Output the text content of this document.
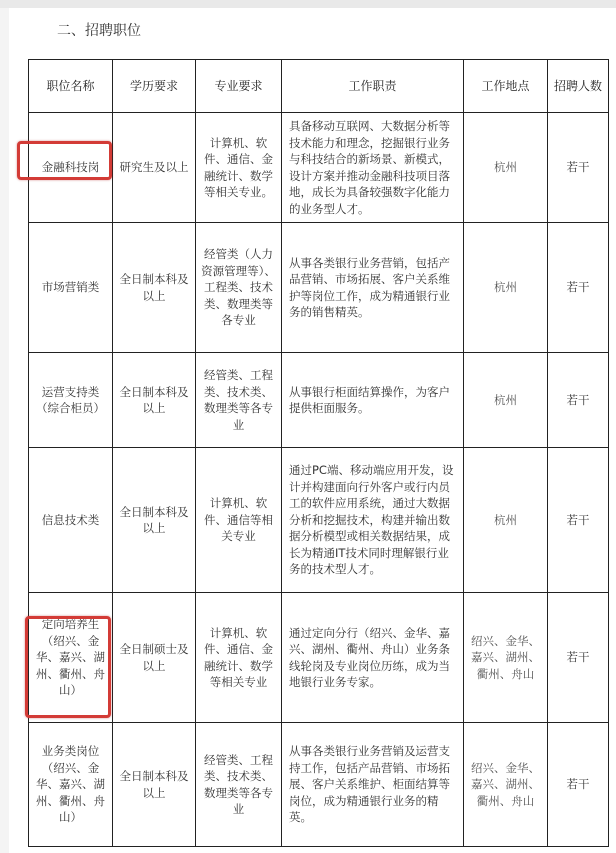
二、招聘职位
职位名称	学历要求	专业要求	工作职责	工作地点	招聘人数
金融科技岗	研究生及以上	计算机、软件、通信、金融统计、数学等相关专业。	具备移动互联网、大数据分析等技术能力和理念，挖掘银行业务与科技结合的新场景、新模式，设计方案并推动金融科技项目落地，成长为具备较强数字化能力的业务型人才。	杭州	若干
市场营销类	全日制本科及以上	经管类（人力资源管理等）、工程类、技术类、数理类等各专业	从事各类银行业务营销，包括产品营销、市场拓展、客户关系维护等岗位工作，成为精通银行业务的销售精英。	杭州	若干
运营支持类（综合柜员）	全日制本科及以上	经管类、工程类、技术类、数理类等各专业	从事银行柜面结算操作，为客户提供柜面服务。	杭州	若干
信息技术类	全日制本科及以上	计算机、软件、通信等相关专业	通过PC端、移动端应用开发，设计并构建面向行外客户或行内员工的软件应用系统，通过大数据分析和挖掘技术，构建并输出数据分析模型或相关数据结果，成长为精通IT技术同时理解银行业务的技术型人才。	杭州	若干
定向培养生（绍兴、金华、嘉兴、湖州、衢州、舟山）	全日制硕士及以上	计算机、软件、通信、金融统计、数学等相关专业	通过定向分行（绍兴、金华、嘉兴、湖州、衢州、舟山）业务条线轮岗及专业岗位历练，成为当地银行业务专家。	绍兴、金华、嘉兴、湖州、衢州、舟山	若干
业务类岗位（绍兴、金华、嘉兴、湖州、衢州、舟山）	全日制本科及以上	经管类、工程类、技术类、数理类等各专业	从事各类银行业务营销及运营支持工作，包括产品营销、市场拓展、客户关系维护、柜面结算等岗位，成为精通银行业务的精英。	绍兴、金华、嘉兴、湖州、衢州、舟山	若干
